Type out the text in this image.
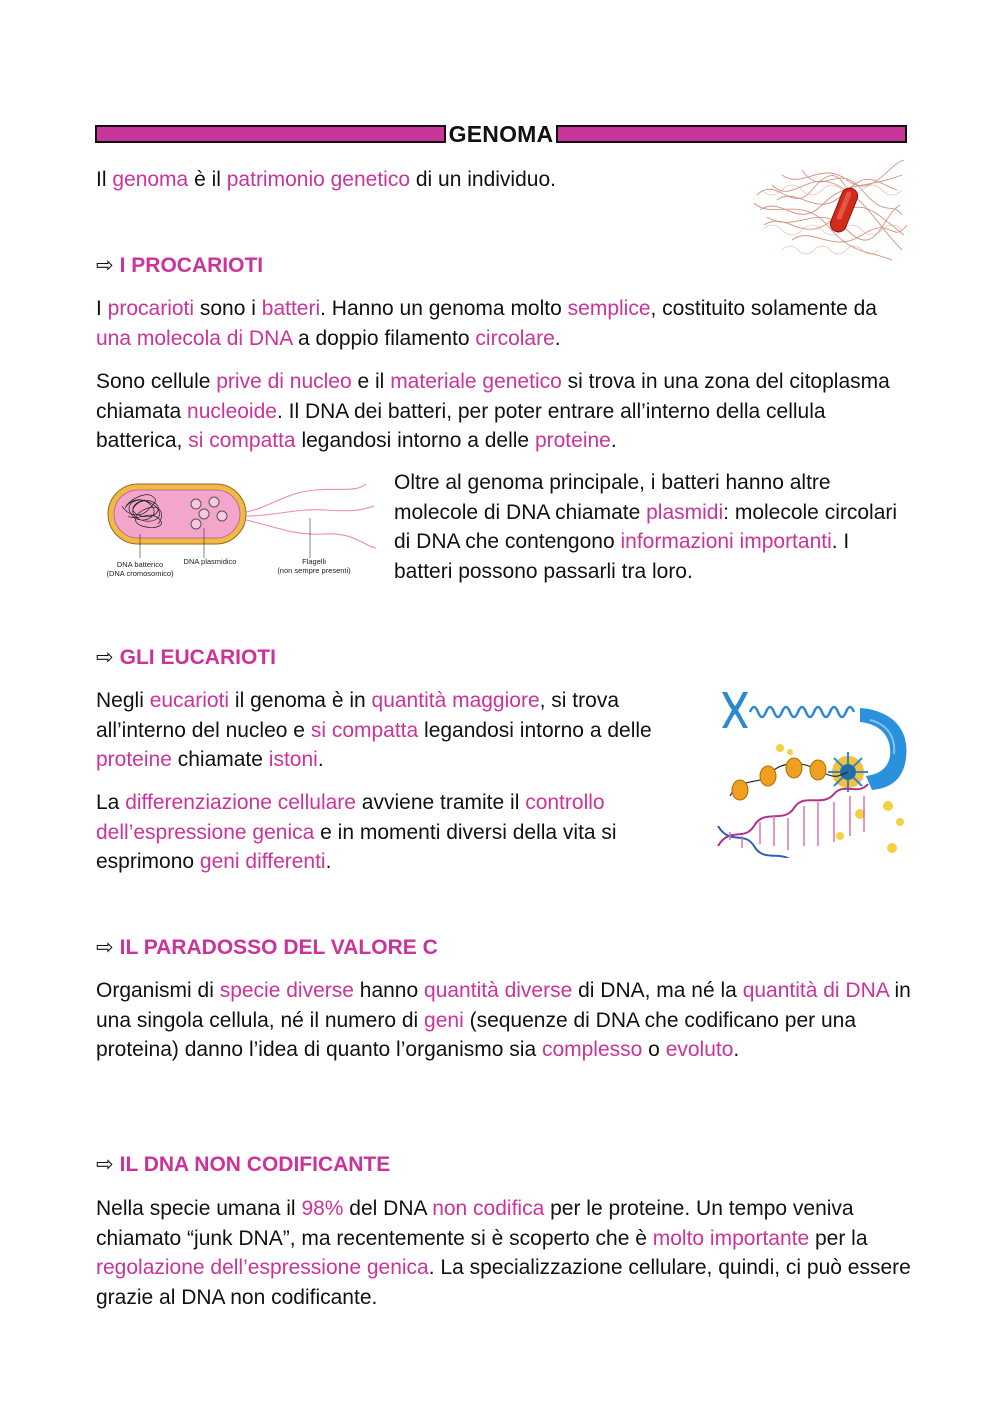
GENOMA

Il genoma è il patrimonio genetico di un individuo.

⇨ I PROCARIOTI

I procarioti sono i batteri. Hanno un genoma molto semplice, costituito solamente da una molecola di DNA a doppio filamento circolare.

Sono cellule prive di nucleo e il materiale genetico si trova in una zona del citoplasma chiamata nucleoide. Il DNA dei batteri, per poter entrare all’interno della cellula batterica, si compatta legandosi intorno a delle proteine.

DNA batterico
(DNA cromosomico)
DNA plasmidico	Flagelli
(non sempre presenti)

Oltre al genoma principale, i batteri hanno altre molecole di DNA chiamate plasmidi: molecole circolari di DNA che contengono informazioni importanti. I batteri possono passarli tra loro.

⇨ GLI EUCARIOTI

Negli eucarioti il genoma è in quantità maggiore, si trova all’interno del nucleo e si compatta legandosi intorno a delle proteine chiamate istoni.

La differenziazione cellulare avviene tramite il controllo dell’espressione genica e in momenti diversi della vita si esprimono geni differenti.

⇨ IL PARADOSSO DEL VALORE C

Organismi di specie diverse hanno quantità diverse di DNA, ma né la quantità di DNA in una singola cellula, né il numero di geni (sequenze di DNA che codificano per una proteina) danno l’idea di quanto l’organismo sia complesso o evoluto.

⇨ IL DNA NON CODIFICANTE

Nella specie umana il 98% del DNA non codifica per le proteine. Un tempo veniva chiamato “junk DNA”, ma recentemente si è scoperto che è molto importante per la regolazione dell’espressione genica. La specializzazione cellulare, quindi, ci può essere grazie al DNA non codificante.
